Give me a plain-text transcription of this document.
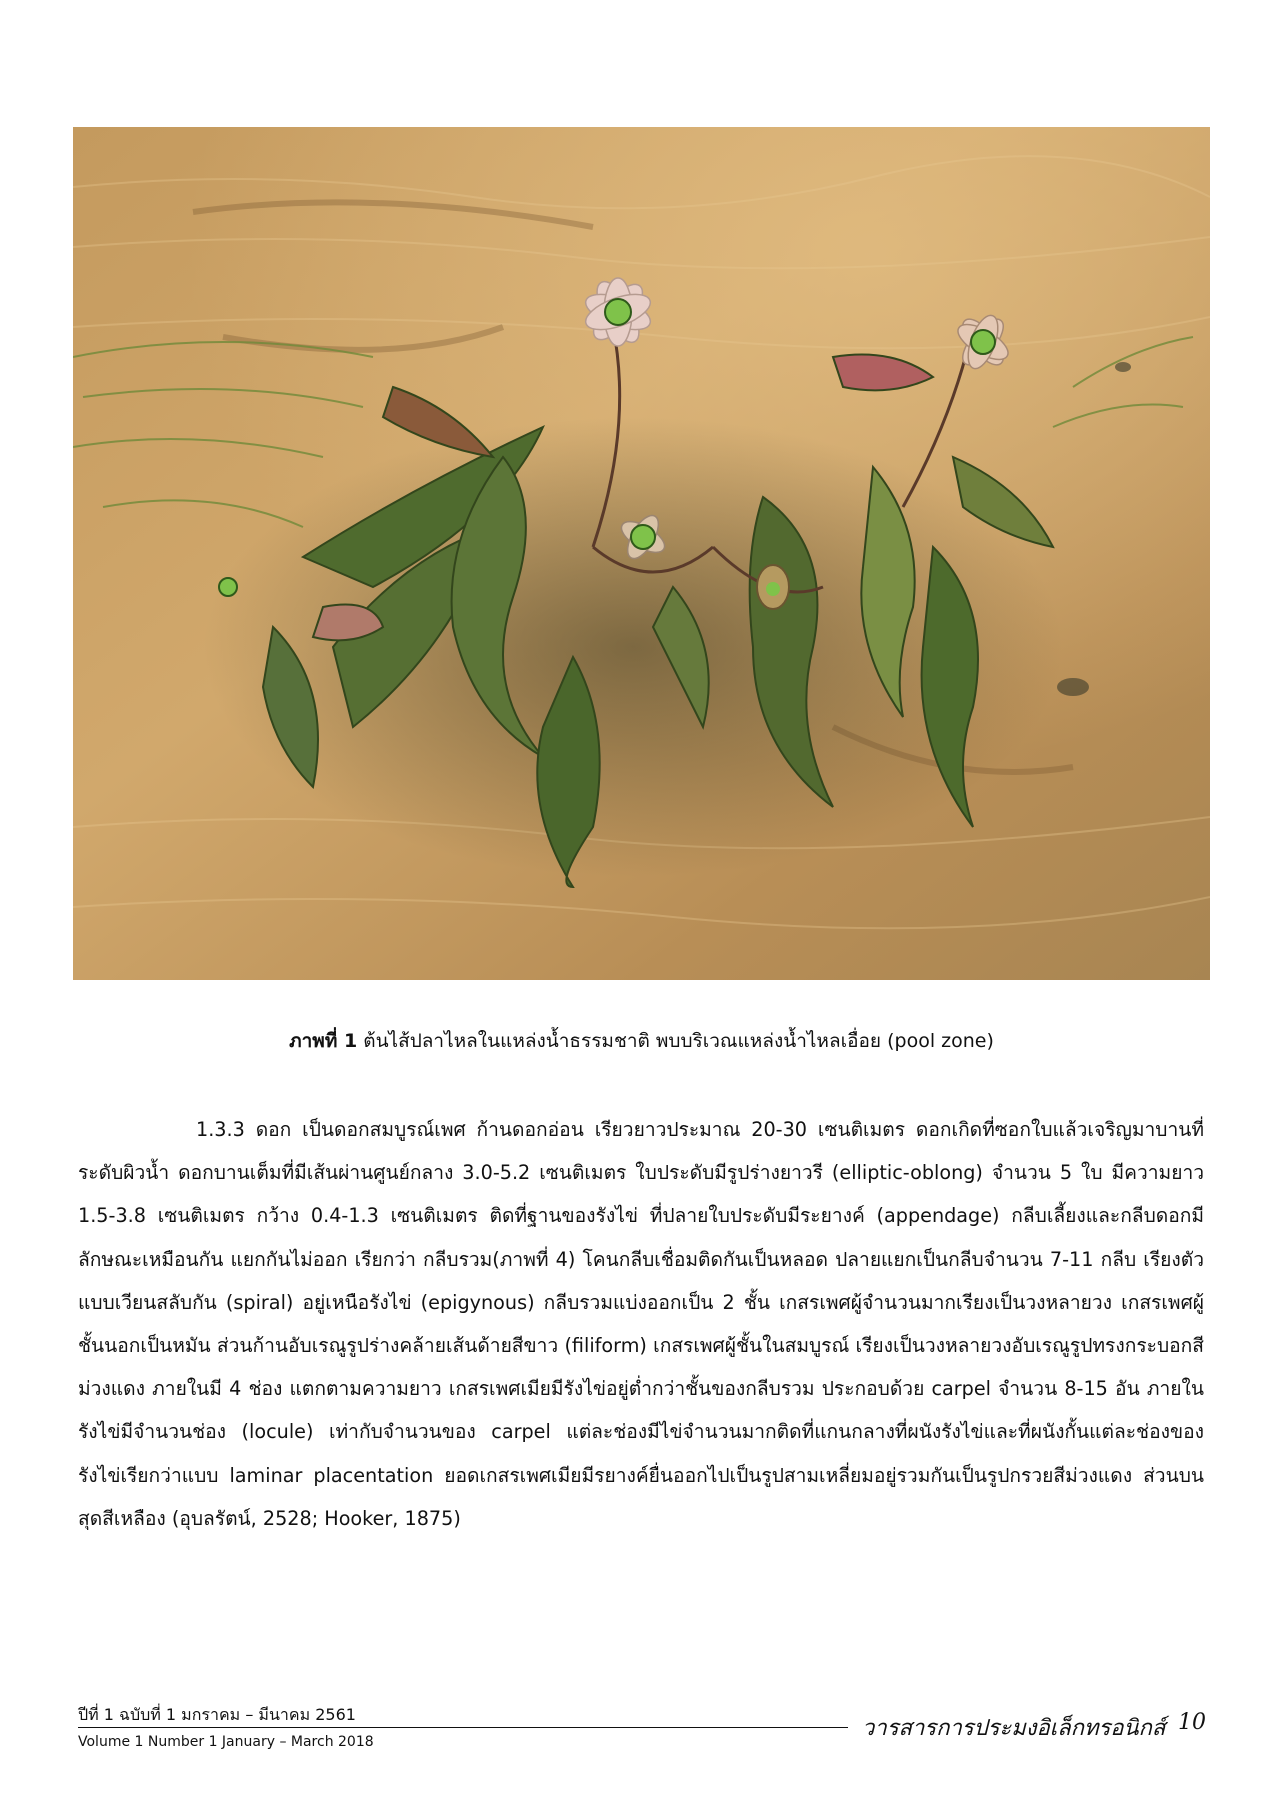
ภาพที่ 1 ต้นไส้ปลาไหลในแหล่งน้ำธรรมชาติ พบบริเวณแหล่งน้ำไหลเอื่อย (pool zone)

1.3.3 ดอก เป็นดอกสมบูรณ์เพศ ก้านดอกอ่อน เรียวยาวประมาณ 20-30 เซนติเมตร ดอกเกิดที่ซอกใบแล้วเจริญมาบานที่ระดับผิวน้ำ ดอกบานเต็มที่มีเส้นผ่านศูนย์กลาง 3.0-5.2 เซนติเมตร ใบประดับมีรูปร่างยาวรี (elliptic-oblong) จำนวน 5 ใบ มีความยาว 1.5-3.8 เซนติเมตร กว้าง 0.4-1.3 เซนติเมตร ติดที่ฐานของรังไข่ ที่ปลายใบประดับมีระยางค์ (appendage) กลีบเลี้ยงและกลีบดอกมีลักษณะเหมือนกัน แยกกันไม่ออก เรียกว่า กลีบรวม(ภาพที่ 4) โคนกลีบเชื่อมติดกันเป็นหลอด ปลายแยกเป็นกลีบจำนวน 7-11 กลีบ เรียงตัวแบบเวียนสลับกัน (spiral) อยู่เหนือรังไข่ (epigynous) กลีบรวมแบ่งออกเป็น 2 ชั้น เกสรเพศผู้จำนวนมากเรียงเป็นวงหลายวง เกสรเพศผู้ชั้นนอกเป็นหมัน ส่วนก้านอับเรณูรูปร่างคล้ายเส้นด้ายสีขาว (filiform) เกสรเพศผู้ชั้นในสมบูรณ์ เรียงเป็นวงหลายวงอับเรณูรูปทรงกระบอกสีม่วงแดง ภายในมี 4 ช่อง แตกตามความยาว เกสรเพศเมียมีรังไข่อยู่ต่ำกว่าชั้นของกลีบรวม ประกอบด้วย carpel จำนวน 8-15 อัน ภายในรังไข่มีจำนวนช่อง (locule) เท่ากับจำนวนของ carpel แต่ละช่องมีไข่จำนวนมากติดที่แกนกลางที่ผนังรังไข่และที่ผนังกั้นแต่ละช่องของรังไข่เรียกว่าแบบ laminar placentation ยอดเกสรเพศเมียมีรยางค์ยื่นออกไปเป็นรูปสามเหลี่ยมอยู่รวมกันเป็นรูปกรวยสีม่วงแดง ส่วนบนสุดสีเหลือง (อุบลรัตน์, 2528; Hooker, 1875)

ปีที่ 1 ฉบับที่ 1 มกราคม – มีนาคม 2561
Volume 1 Number 1 January – March 2018
วารสารการประมงอิเล็กทรอนิกส์ 10
